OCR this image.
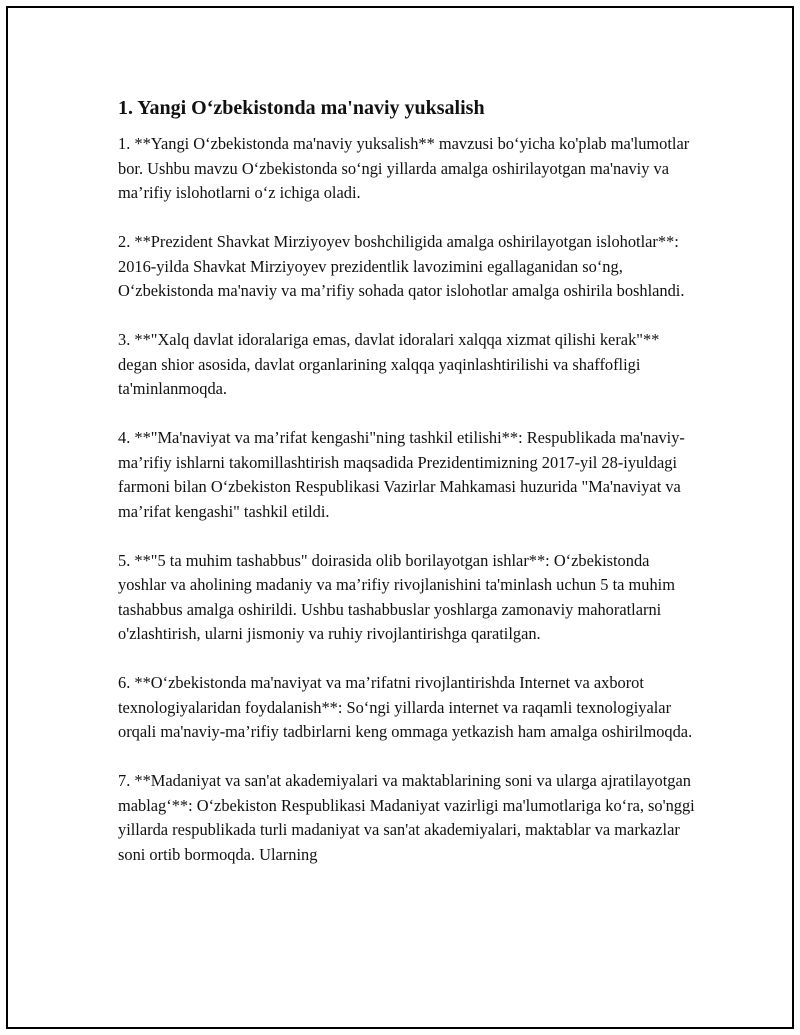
1. Yangi O‘zbekistonda ma'naviy yuksalish

1. **Yangi O‘zbekistonda ma'naviy yuksalish** mavzusi bo‘yicha ko'plab ma'lumotlar bor. Ushbu mavzu O‘zbekistonda so‘ngi yillarda amalga oshirilayotgan ma'naviy va ma’rifiy islohotlarni o‘z ichiga oladi.

2. **Prezident Shavkat Mirziyoyev boshchiligida amalga oshirilayotgan islohotlar**: 2016-yilda Shavkat Mirziyoyev prezidentlik lavozimini egallaganidan so‘ng, O‘zbekistonda ma'naviy va ma’rifiy sohada qator islohotlar amalga oshirila boshlandi.

3. **"Xalq davlat idoralariga emas, davlat idoralari xalqqa xizmat qilishi kerak"** degan shior asosida, davlat organlarining xalqqa yaqinlashtirilishi va shaffofligi ta'minlanmoqda.

4. **"Ma'naviyat va ma’rifat kengashi"ning tashkil etilishi**: Respublikada ma'naviy-ma’rifiy ishlarni takomillashtirish maqsadida Prezidentimizning 2017-yil 28-iyuldagi farmoni bilan O‘zbekiston Respublikasi Vazirlar Mahkamasi huzurida "Ma'naviyat va ma’rifat kengashi" tashkil etildi.

5. **"5 ta muhim tashabbus" doirasida olib borilayotgan ishlar**: O‘zbekistonda yoshlar va aholining madaniy va ma’rifiy rivojlanishini ta'minlash uchun 5 ta muhim tashabbus amalga oshirildi. Ushbu tashabbuslar yoshlarga zamonaviy mahoratlarni o'zlashtirish, ularni jismoniy va ruhiy rivojlantirishga qaratilgan.

6. **O‘zbekistonda ma'naviyat va ma’rifatni rivojlantirishda Internet va axborot texnologiyalaridan foydalanish**: So‘ngi yillarda internet va raqamli texnologiyalar orqali ma'naviy-ma’rifiy tadbirlarni keng ommaga yetkazish ham amalga oshirilmoqda.

7. **Madaniyat va san'at akademiyalari va maktablarining soni va ularga ajratilayotgan mablag‘**: O‘zbekiston Respublikasi Madaniyat vazirligi ma'lumotlariga ko‘ra, so'nggi yillarda respublikada turli madaniyat va san'at akademiyalari, maktablar va markazlar soni ortib bormoqda. Ularning
